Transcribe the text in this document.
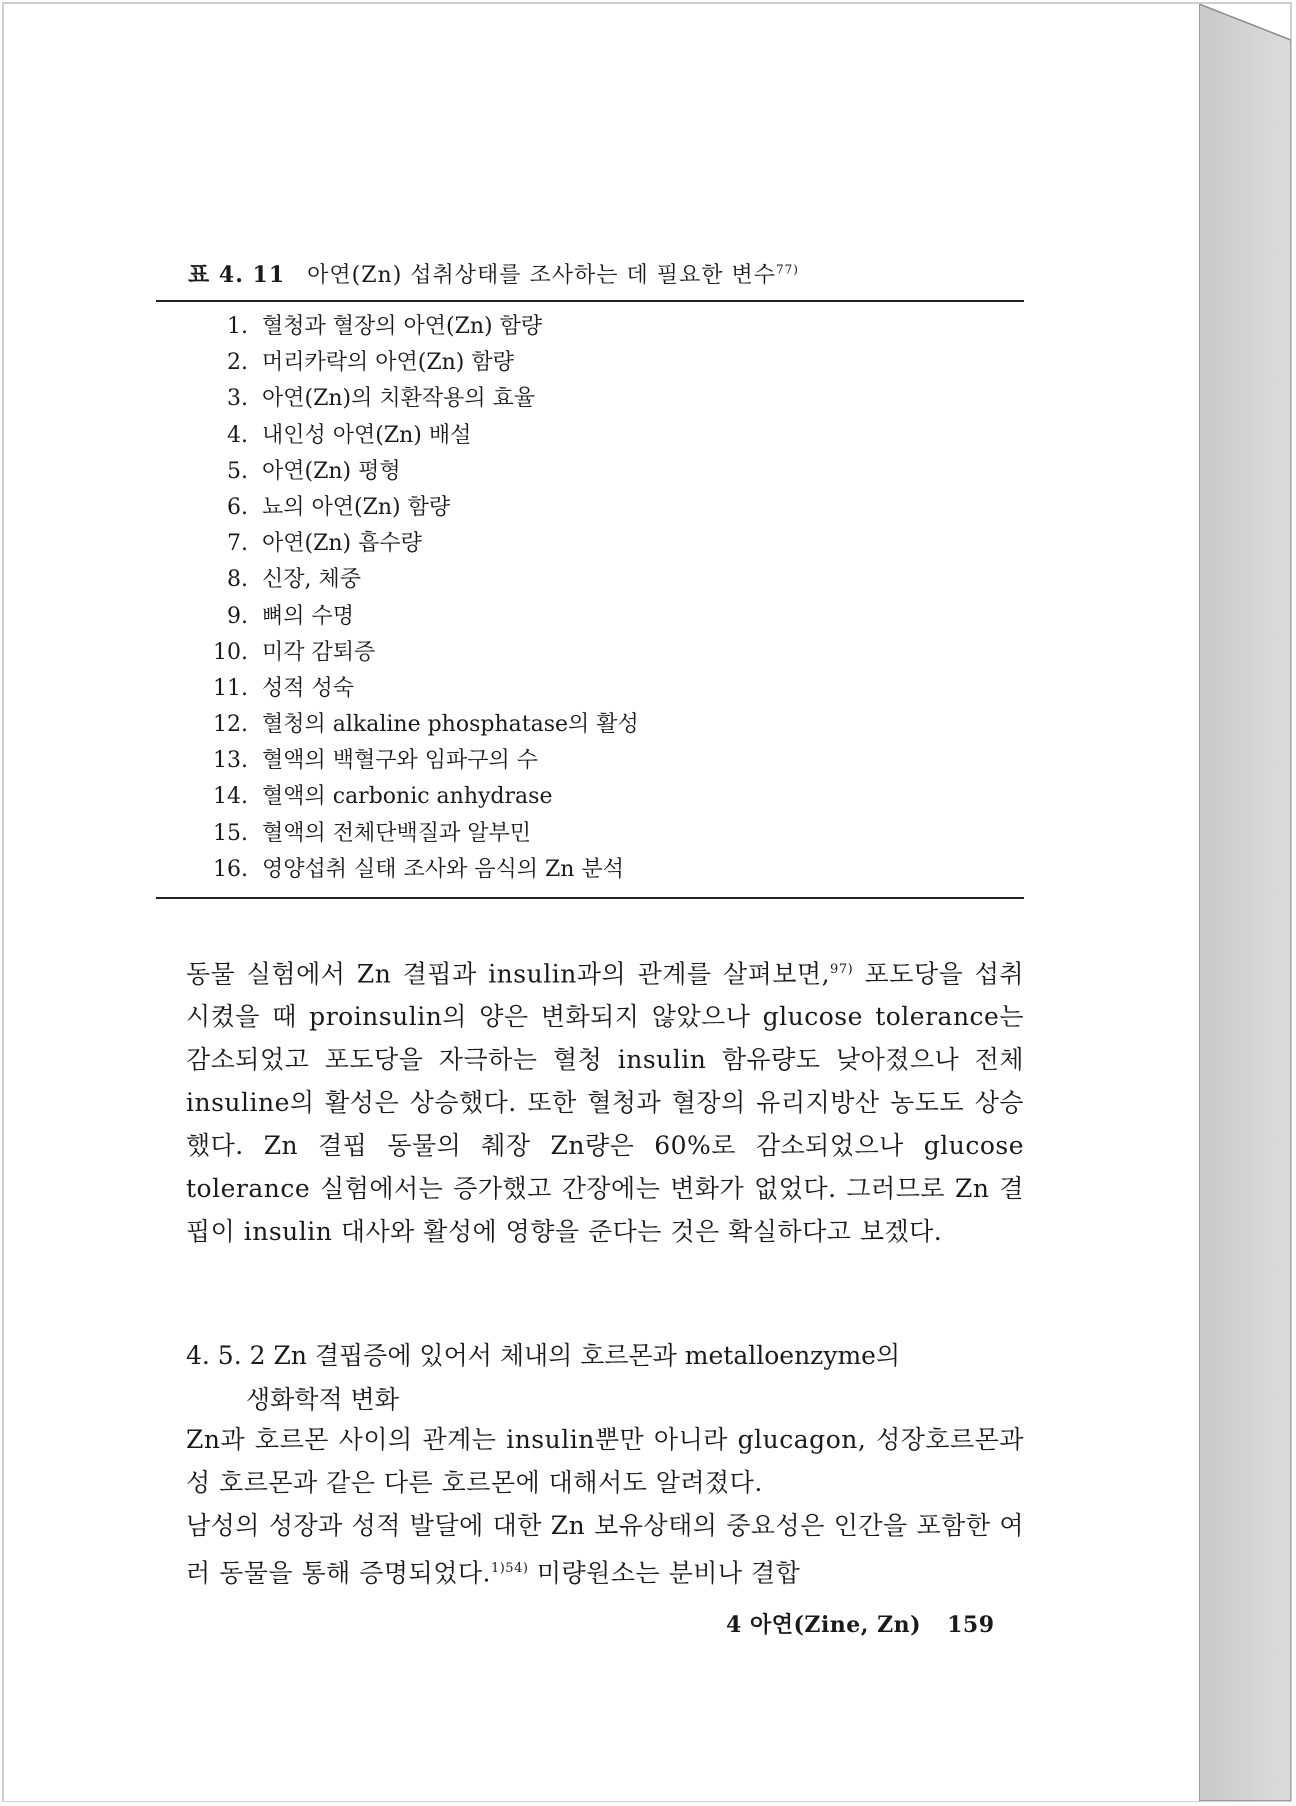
표 4. 11 아연(Zn) 섭취상태를 조사하는 데 필요한 변수$^{77)}$
1. 혈청과 혈장의 아연(Zn) 함량
2. 머리카락의 아연(Zn) 함량
3. 아연(Zn)의 치환작용의 효율
4. 내인성 아연(Zn) 배설
5. 아연(Zn) 평형
6. 뇨의 아연(Zn) 함량
7. 아연(Zn) 흡수량
8. 신장, 체중
9. 뼈의 수명
10. 미각 감퇴증
11. 성적 성숙
12. 혈청의 alkaline phosphatase의 활성
13. 혈액의 백혈구와 임파구의 수
14. 혈액의 carbonic anhydrase
15. 혈액의 전체단백질과 알부민
16. 영양섭취 실태 조사와 음식의 Zn 분석

동물 실험에서 Zn 결핍과 insulin과의 관계를 살펴보면,$^{97)}$ 포도당을 섭취시켰을 때 proinsulin의 양은 변화되지 않았으나 glucose tolerance는 감소되었고 포도당을 자극하는 혈청 insulin 함유량도 낮아졌으나 전체 insuline의 활성은 상승했다. 또한 혈청과 혈장의 유리지방산 농도도 상승했다. Zn 결핍 동물의 췌장 Zn량은 60%로 감소되었으나 glucose tolerance 실험에서는 증가했고 간장에는 변화가 없었다. 그러므로 Zn 결핍이 insulin 대사와 활성에 영향을 준다는 것은 확실하다고 보겠다.

4. 5. 2 Zn 결핍증에 있어서 체내의 호르몬과 metalloenzyme의
생화학적 변화

Zn과 호르몬 사이의 관계는 insulin뿐만 아니라 glucagon, 성장호르몬과 성 호르몬과 같은 다른 호르몬에 대해서도 알려졌다.

남성의 성장과 성적 발달에 대한 Zn 보유상태의 중요성은 인간을 포함한 여러 동물을 통해 증명되었다.$^{1)54)}$ 미량원소는 분비나 결합

4 아연(Zine, Zn) 159
